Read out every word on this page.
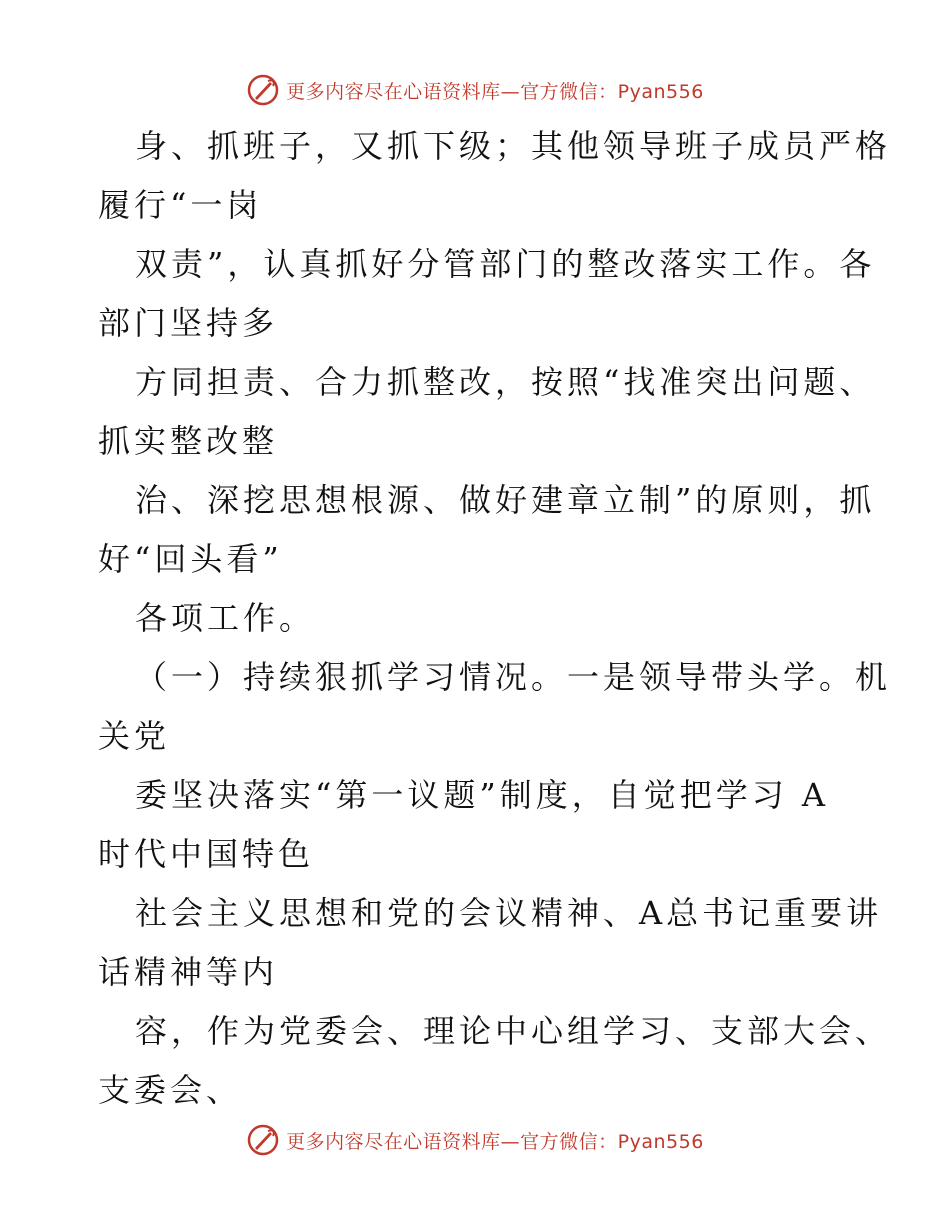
更多内容尽在心语资料库—官方微信：Pyan556
身、抓班子，又抓下级；其他领导班子成员严格
履行“一岗
双责”，认真抓好分管部门的整改落实工作。各
部门坚持多
方同担责、合力抓整改，按照“找准突出问题、
抓实整改整
治、深挖思想根源、做好建章立制”的原则，抓
好“回头看”
各项工作。
（一）持续狠抓学习情况。一是领导带头学。机
关党
委坚决落实“第一议题”制度，自觉把学习 A
时代中国特色
社会主义思想和党的会议精神、A总书记重要讲
话精神等内
容，作为党委会、理论中心组学习、支部大会、
支委会、
更多内容尽在心语资料库—官方微信：Pyan556
